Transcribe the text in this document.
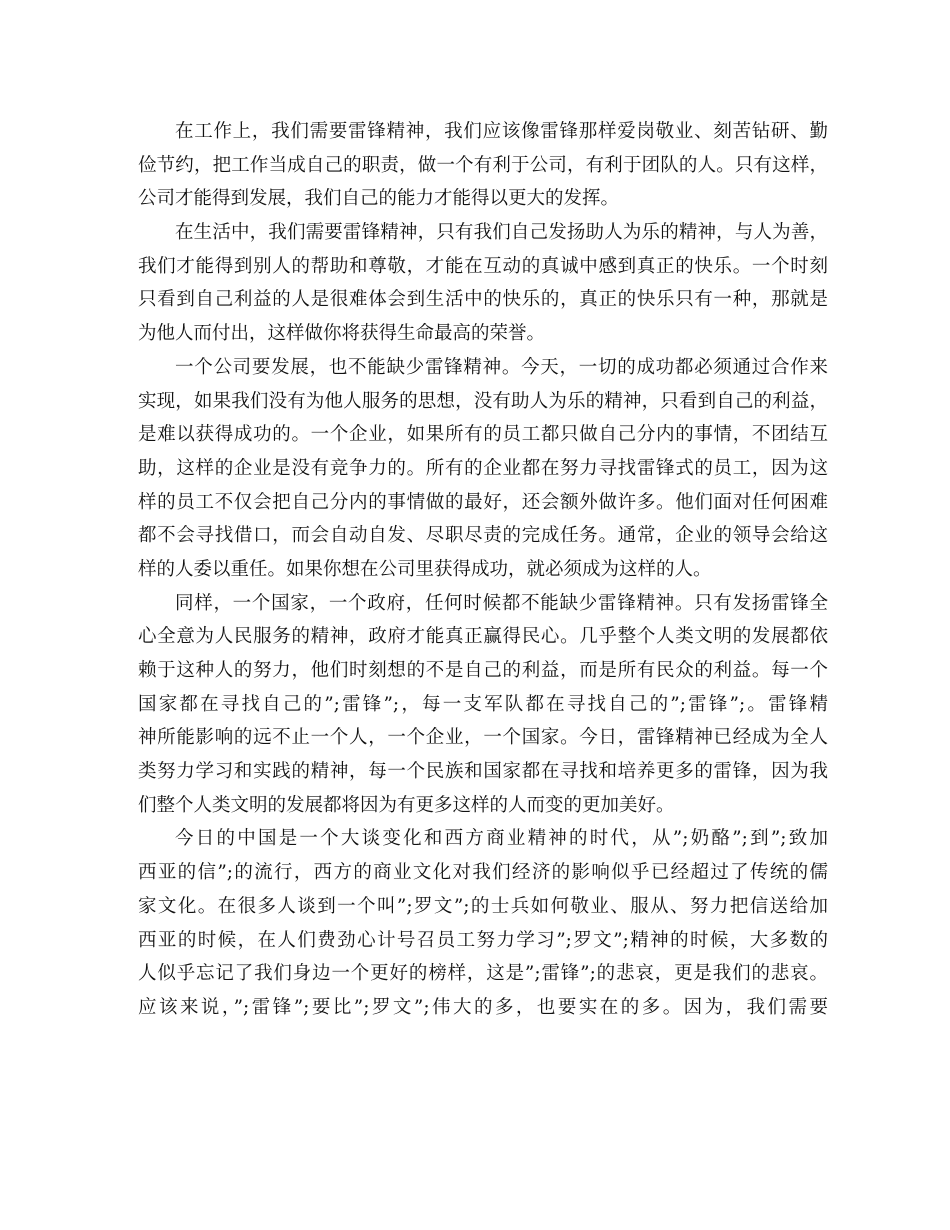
在工作上，我们需要雷锋精神，我们应该像雷锋那样爱岗敬业、刻苦钻研、勤
俭节约，把工作当成自己的职责，做一个有利于公司，有利于团队的人。只有这样，
公司才能得到发展，我们自己的能力才能得以更大的发挥。
在生活中，我们需要雷锋精神，只有我们自己发扬助人为乐的精神，与人为善，
我们才能得到别人的帮助和尊敬，才能在互动的真诚中感到真正的快乐。一个时刻
只看到自己利益的人是很难体会到生活中的快乐的，真正的快乐只有一种，那就是
为他人而付出，这样做你将获得生命最高的荣誉。
一个公司要发展，也不能缺少雷锋精神。今天，一切的成功都必须通过合作来
实现，如果我们没有为他人服务的思想，没有助人为乐的精神，只看到自己的利益，
是难以获得成功的。一个企业，如果所有的员工都只做自己分内的事情，不团结互
助，这样的企业是没有竞争力的。所有的企业都在努力寻找雷锋式的员工，因为这
样的员工不仅会把自己分内的事情做的最好，还会额外做许多。他们面对任何困难
都不会寻找借口，而会自动自发、尽职尽责的完成任务。通常，企业的领导会给这
样的人委以重任。如果你想在公司里获得成功，就必须成为这样的人。
同样，一个国家，一个政府，任何时候都不能缺少雷锋精神。只有发扬雷锋全
心全意为人民服务的精神，政府才能真正赢得民心。几乎整个人类文明的发展都依
赖于这种人的努力，他们时刻想的不是自己的利益，而是所有民众的利益。每一个
国家都在寻找自己的”;雷锋”;，每一支军队都在寻找自己的”;雷锋”;。雷锋精
神所能影响的远不止一个人，一个企业，一个国家。今日，雷锋精神已经成为全人
类努力学习和实践的精神，每一个民族和国家都在寻找和培养更多的雷锋，因为我
们整个人类文明的发展都将因为有更多这样的人而变的更加美好。
今日的中国是一个大谈变化和西方商业精神的时代，从”;奶酪”;到”;致加
西亚的信”;的流行，西方的商业文化对我们经济的影响似乎已经超过了传统的儒
家文化。在很多人谈到一个叫”;罗文”;的士兵如何敬业、服从、努力把信送给加
西亚的时候，在人们费劲心计号召员工努力学习”;罗文”;精神的时候，大多数的
人似乎忘记了我们身边一个更好的榜样，这是”;雷锋”;的悲哀，更是我们的悲哀。
应该来说，”;雷锋”;要比”;罗文”;伟大的多，也要实在的多。因为，我们需要
